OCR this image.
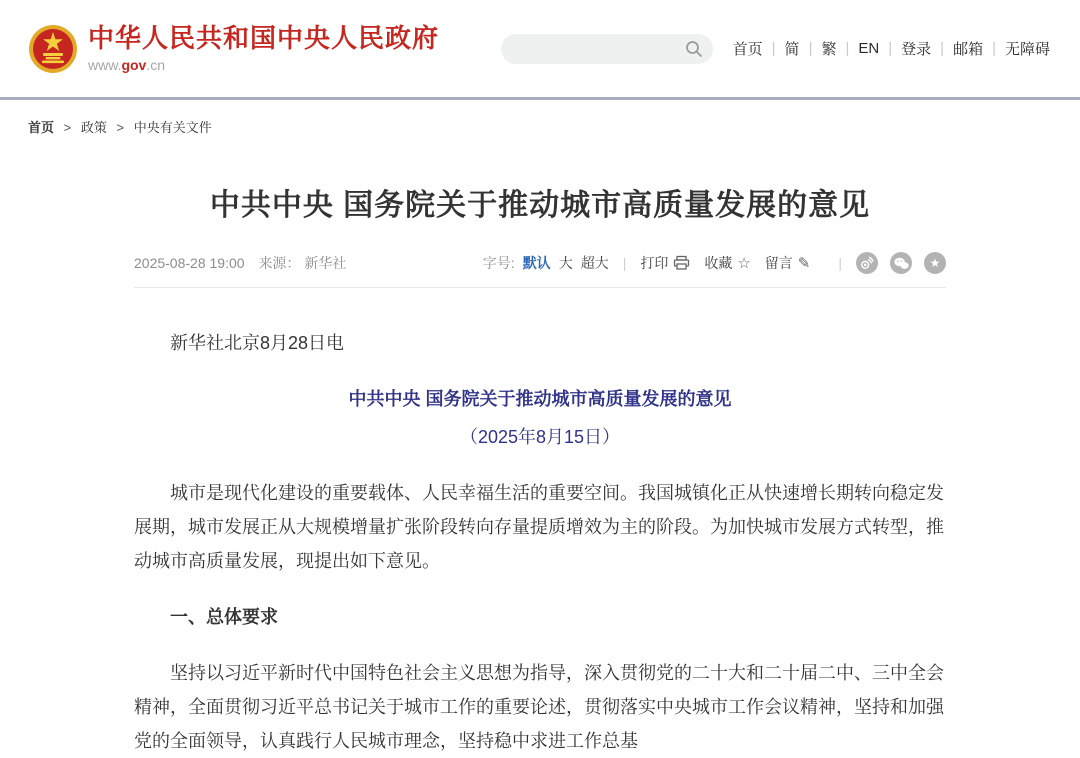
中华人民共和国中央人民政府
www.gov.cn
首页 | 简 | 繁 | EN | 登录 | 邮箱 | 无障碍
首页 > 政策 > 中央有关文件
中共中央 国务院关于推动城市高质量发展的意见
2025-08-28 19:00 来源： 新华社	字号: 默认 大 超大 | 打印	收藏 ☆ 留言 ✎ |	★

新华社北京8月28日电

中共中央 国务院关于推动城市高质量发展的意见

（2025年8月15日）

城市是现代化建设的重要载体、人民幸福生活的重要空间。我国城镇化正从快速增长期转向稳定发展期，城市发展正从大规模增量扩张阶段转向存量提质增效为主的阶段。为加快城市发展方式转型，推动城市高质量发展，现提出如下意见。

一、总体要求

坚持以习近平新时代中国特色社会主义思想为指导，深入贯彻党的二十大和二十届二中、三中全会精神，全面贯彻习近平总书记关于城市工作的重要论述，贯彻落实中央城市工作会议精神，坚持和加强党的全面领导，认真践行人民城市理念，坚持稳中求进工作总基
